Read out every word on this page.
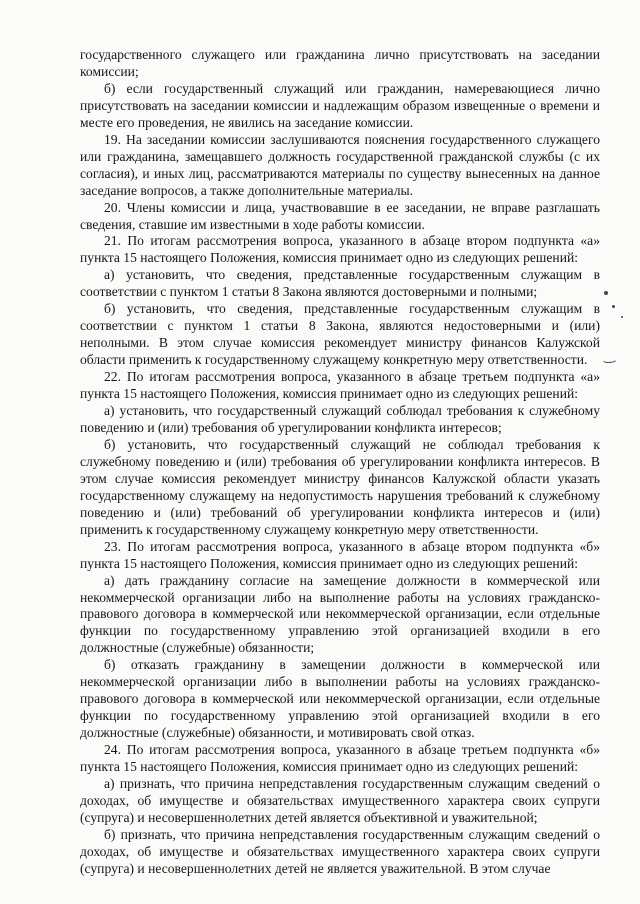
государственного служащего или гражданина лично присутствовать на заседании комиссии;

б) если государственный служащий или гражданин, намеревающиеся лично присутствовать на заседании комиссии и надлежащим образом извещенные о времени и месте его проведения, не явились на заседание комиссии.

19. На заседании комиссии заслушиваются пояснения государственного служащего или гражданина, замещавшего должность государственной гражданской службы (с их согласия), и иных лиц, рассматриваются материалы по существу вынесенных на данное заседание вопросов, а также дополнительные материалы.

20. Члены комиссии и лица, участвовавшие в ее заседании, не вправе разглашать сведения, ставшие им известными в ходе работы комиссии.

21. По итогам рассмотрения вопроса, указанного в абзаце втором подпункта «а» пункта 15 настоящего Положения, комиссия принимает одно из следующих решений:

а) установить, что сведения, представленные государственным служащим в соответствии с пунктом 1 статьи 8 Закона являются достоверными и полными;

б) установить, что сведения, представленные государственным служащим в соответствии с пунктом 1 статьи 8 Закона, являются недостоверными и (или) неполными. В этом случае комиссия рекомендует министру финансов Калужской области применить к государственному служащему конкретную меру ответственности.

22. По итогам рассмотрения вопроса, указанного в абзаце третьем подпункта «а» пункта 15 настоящего Положения, комиссия принимает одно из следующих решений:

а) установить, что государственный служащий соблюдал требования к служебному поведению и (или) требования об урегулировании конфликта интересов;

б) установить, что государственный служащий не соблюдал требования к служебному поведению и (или) требования об урегулировании конфликта интересов. В этом случае комиссия рекомендует министру финансов Калужской области указать государственному служащему на недопустимость нарушения требований к служебному поведению и (или) требований об урегулировании конфликта интересов и (или) применить к государственному служащему конкретную меру ответственности.

23. По итогам рассмотрения вопроса, указанного в абзаце втором подпункта «б» пункта 15 настоящего Положения, комиссия принимает одно из следующих решений:

а) дать гражданину согласие на замещение должности в коммерческой или некоммерческой организации либо на выполнение работы на условиях гражданско-правового договора в коммерческой или некоммерческой организации, если отдельные функции по государственному управлению этой организацией входили в его должностные (служебные) обязанности;

б) отказать гражданину в замещении должности в коммерческой или некоммерческой организации либо в выполнении работы на условиях гражданско-правового договора в коммерческой или некоммерческой организации, если отдельные функции по государственному управлению этой организацией входили в его должностные (служебные) обязанности, и мотивировать свой отказ.

24. По итогам рассмотрения вопроса, указанного в абзаце третьем подпункта «б» пункта 15 настоящего Положения, комиссия принимает одно из следующих решений:

а) признать, что причина непредставления государственным служащим сведений о доходах, об имуществе и обязательствах имущественного характера своих супруги (супруга) и несовершеннолетних детей является объективной и уважительной;

б) признать, что причина непредставления государственным служащим сведений о доходах, об имуществе и обязательствах имущественного характера своих супруги (супруга) и несовершеннолетних детей не является уважительной. В этом случае
